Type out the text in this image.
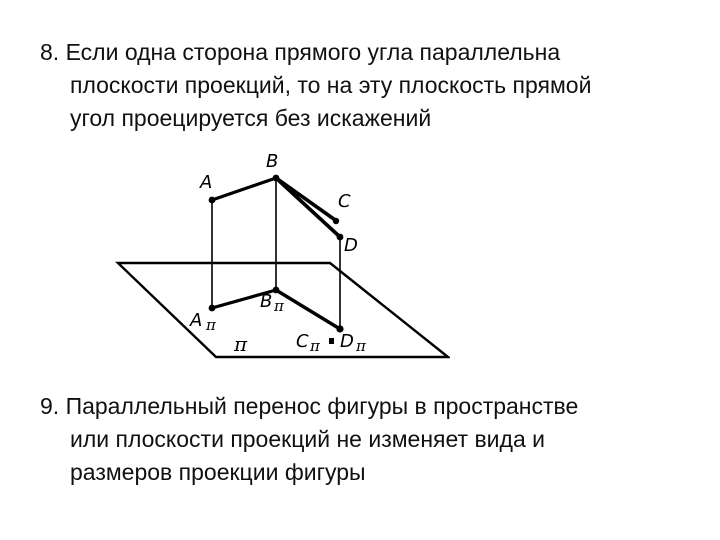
8. Если одна сторона прямого угла параллельна
плоскости проекций, то на эту плоскость прямой
угол проецируется без искажений
A
B
C
D
B π
A π
π	C π D π
9. Параллельный перенос фигуры в пространстве
или плоскости проекций не изменяет вида и
размеров проекции фигуры
